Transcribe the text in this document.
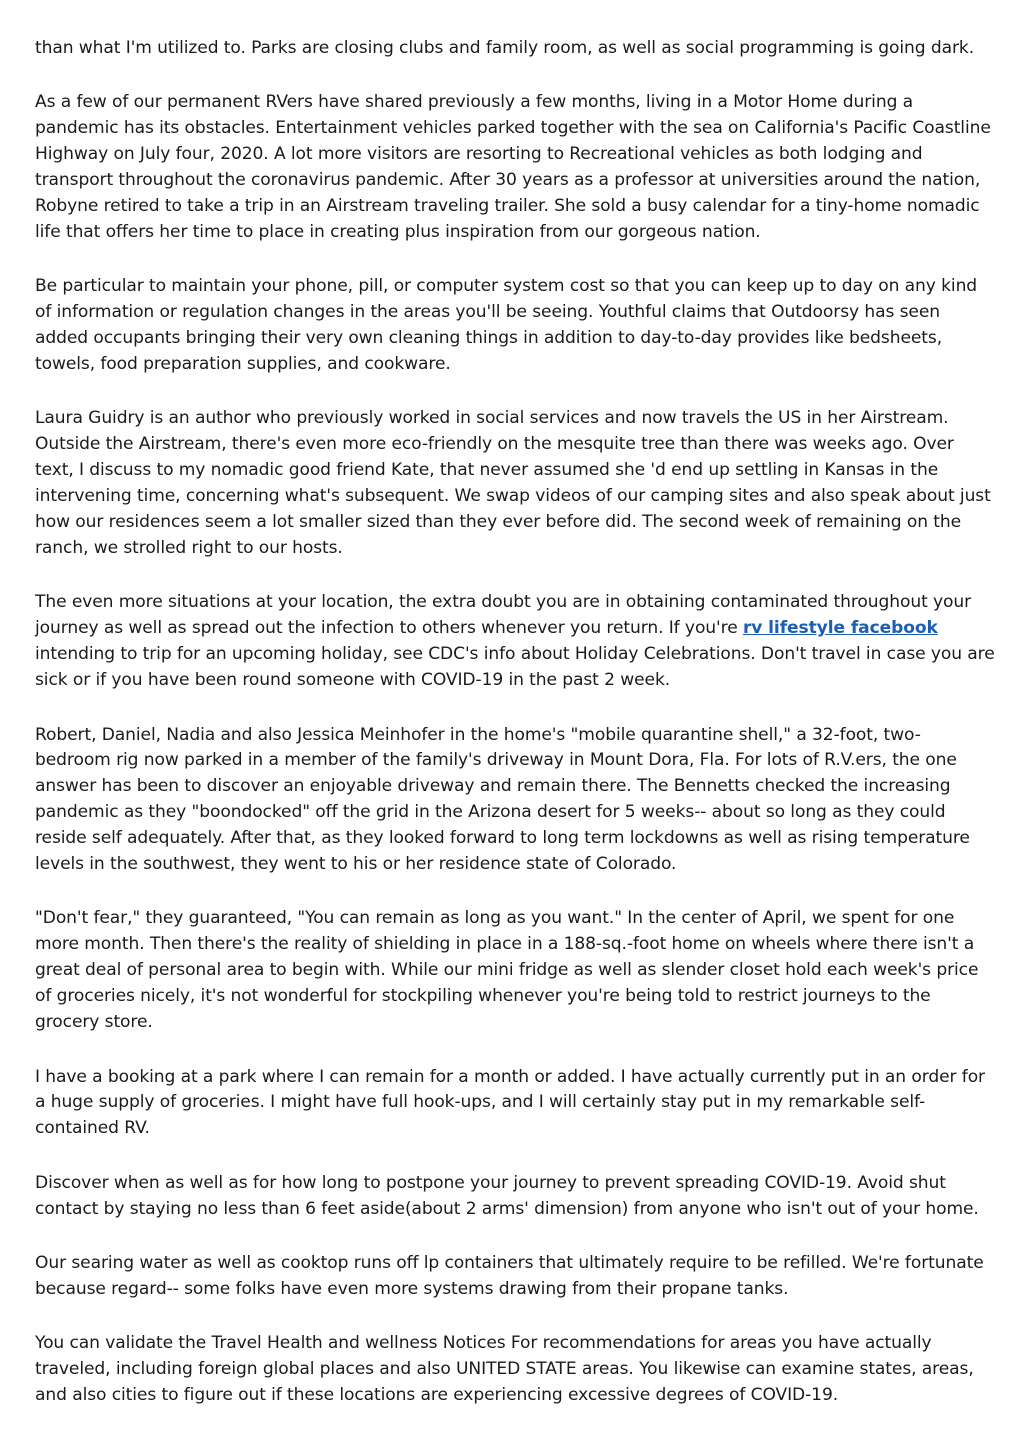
than what I'm utilized to. Parks are closing clubs and family room, as well as social programming is going dark.

As a few of our permanent RVers have shared previously a few months, living in a Motor Home during a pandemic has its obstacles. Entertainment vehicles parked together with the sea on California's Pacific Coastline Highway on July four, 2020. A lot more visitors are resorting to Recreational vehicles as both lodging and transport throughout the coronavirus pandemic. After 30 years as a professor at universities around the nation, Robyne retired to take a trip in an Airstream traveling trailer. She sold a busy calendar for a tiny-home nomadic life that offers her time to place in creating plus inspiration from our gorgeous nation.

Be particular to maintain your phone, pill, or computer system cost so that you can keep up to day on any kind of information or regulation changes in the areas you'll be seeing. Youthful claims that Outdoorsy has seen added occupants bringing their very own cleaning things in addition to day-to-day provides like bedsheets, towels, food preparation supplies, and cookware.

Laura Guidry is an author who previously worked in social services and now travels the US in her Airstream. Outside the Airstream, there's even more eco-friendly on the mesquite tree than there was weeks ago. Over text, I discuss to my nomadic good friend Kate, that never assumed she 'd end up settling in Kansas in the intervening time, concerning what's subsequent. We swap videos of our camping sites and also speak about just how our residences seem a lot smaller sized than they ever before did. The second week of remaining on the ranch, we strolled right to our hosts.

The even more situations at your location, the extra doubt you are in obtaining contaminated throughout your journey as well as spread out the infection to others whenever you return. If you're rv lifestyle facebook intending to trip for an upcoming holiday, see CDC's info about Holiday Celebrations. Don't travel in case you are sick or if you have been round someone with COVID-19 in the past 2 week.

Robert, Daniel, Nadia and also Jessica Meinhofer in the home's "mobile quarantine shell," a 32-foot, two-bedroom rig now parked in a member of the family's driveway in Mount Dora, Fla. For lots of R.V.ers, the one answer has been to discover an enjoyable driveway and remain there. The Bennetts checked the increasing pandemic as they "boondocked" off the grid in the Arizona desert for 5 weeks-- about so long as they could reside self adequately. After that, as they looked forward to long term lockdowns as well as rising temperature levels in the southwest, they went to his or her residence state of Colorado.

"Don't fear," they guaranteed, "You can remain as long as you want." In the center of April, we spent for one more month. Then there's the reality of shielding in place in a 188-sq.-foot home on wheels where there isn't a great deal of personal area to begin with. While our mini fridge as well as slender closet hold each week's price of groceries nicely, it's not wonderful for stockpiling whenever you're being told to restrict journeys to the grocery store.

I have a booking at a park where I can remain for a month or added. I have actually currently put in an order for a huge supply of groceries. I might have full hook-ups, and I will certainly stay put in my remarkable self-contained RV.

Discover when as well as for how long to postpone your journey to prevent spreading COVID-19. Avoid shut contact by staying no less than 6 feet aside(about 2 arms' dimension) from anyone who isn't out of your home.

Our searing water as well as cooktop runs off lp containers that ultimately require to be refilled. We're fortunate because regard-- some folks have even more systems drawing from their propane tanks.

You can validate the Travel Health and wellness Notices For recommendations for areas you have actually traveled, including foreign global places and also UNITED STATE areas. You likewise can examine states, areas, and also cities to figure out if these locations are experiencing excessive degrees of COVID-19.
